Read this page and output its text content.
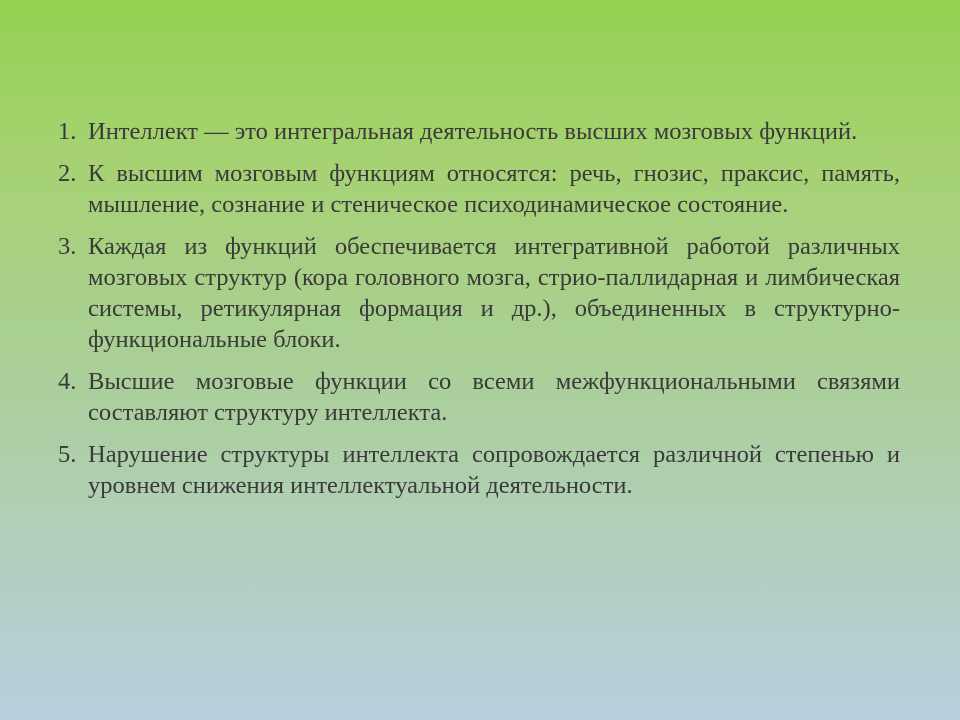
1. Интеллект — это интегральная деятельность высших мозговых функций.
2. К высшим мозговым функциям относятся: речь, гнозис, праксис, память, мышление, сознание и стеническое психодинамическое состояние.
3. Каждая из функций обеспечивается интегративной работой различных мозговых структур (кора головного мозга, стрио-паллидарная и лимбическая системы, ретикулярная формация и др.), объединенных в структурно-функциональные блоки.
4. Высшие мозговые функции со всеми межфункциональными связями составляют структуру интеллекта.
5. Нарушение структуры интеллекта сопровождается различной степенью и уровнем снижения интеллектуальной деятельности.
